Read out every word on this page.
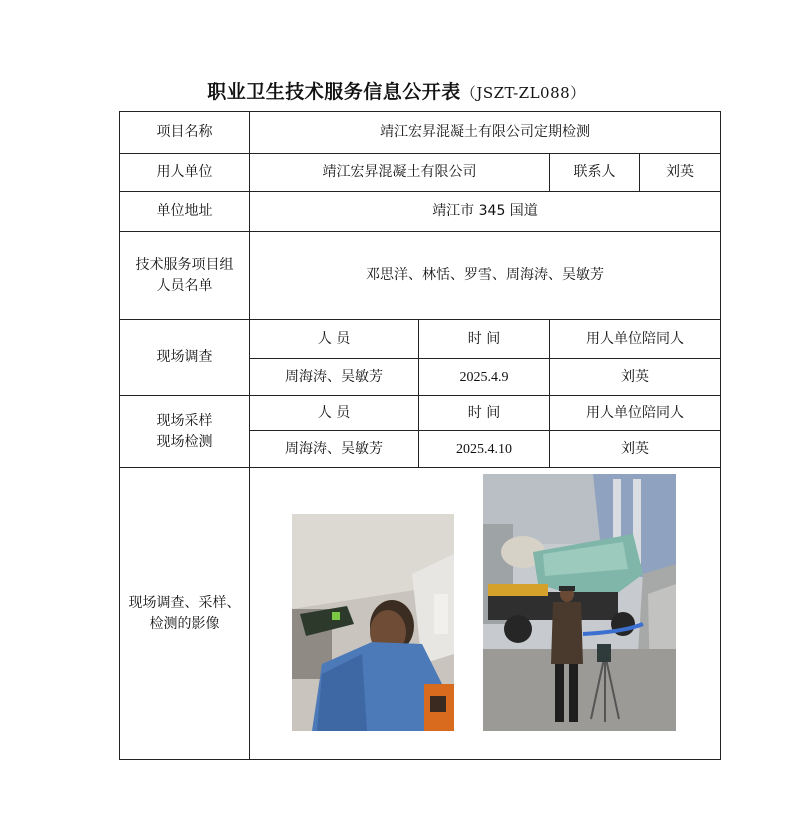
职业卫生技术服务信息公开表（JSZT-ZL088）
项目名称	靖江宏昇混凝土有限公司定期检测			
用人单位	靖江宏昇混凝土有限公司		联系人	刘英
单位地址	靖江市 345 国道			

技术服务项目组
人员名单	邓思洋、林恬、罗雪、周海涛、吴敏芳			
现场调查	人 员	时 间	用人单位陪同人	
	周海涛、吴敏芳	2025.4.9	刘英	

现场采样
现场检测	人 员	时 间	用人单位陪同人	
	周海涛、吴敏芳	2025.4.10	刘英	

现场调查、采样、
检测的影像
